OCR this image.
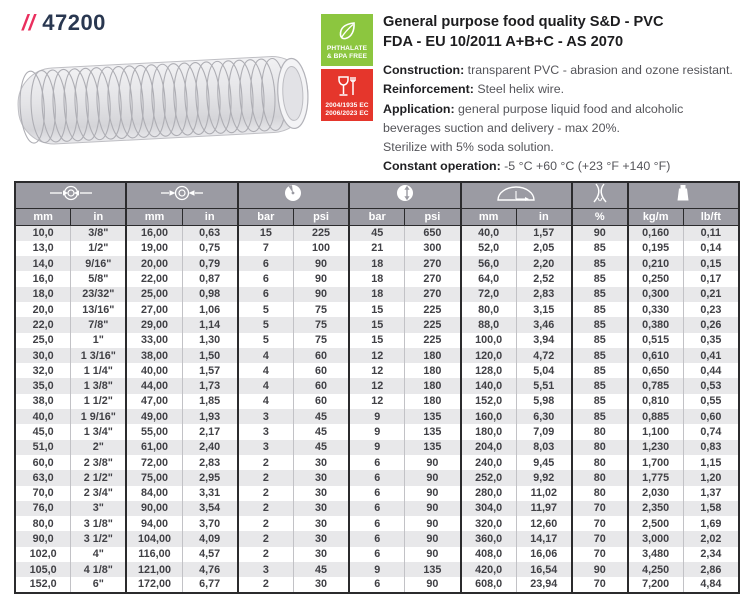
// 47200
PHTHALATE
& BPA FREE
2004/1935 EC
2006/2023 EC
General purpose food quality S&D - PVC
FDA - EU 10/2011 A+B+C - AS 2070
Construction: transparent PVC - abrasion and ozone resistant.
Reinforcement: Steel helix wire.
Application: general purpose liquid food and alcoholic beverages suction and delivery - max 20%.
Sterilize with 5% soda solution.
Constant operation: -5 °C +60 °C (+23 °F +140 °F)

mm	in	mm	in	bar	psi	bar	psi	mm	in	%	kg/m	lb/ft
10,0	3/8"	16,00	0,63	15	225	45	650	40,0	1,57	90	0,160	0,11
13,0	1/2"	19,00	0,75	7	100	21	300	52,0	2,05	85	0,195	0,14
14,0	9/16"	20,00	0,79	6	90	18	270	56,0	2,20	85	0,210	0,15
16,0	5/8"	22,00	0,87	6	90	18	270	64,0	2,52	85	0,250	0,17
18,0	23/32"	25,00	0,98	6	90	18	270	72,0	2,83	85	0,300	0,21
20,0	13/16"	27,00	1,06	5	75	15	225	80,0	3,15	85	0,330	0,23
22,0	7/8"	29,00	1,14	5	75	15	225	88,0	3,46	85	0,380	0,26
25,0	1"	33,00	1,30	5	75	15	225	100,0	3,94	85	0,515	0,35
30,0	1 3/16"	38,00	1,50	4	60	12	180	120,0	4,72	85	0,610	0,41
32,0	1 1/4"	40,00	1,57	4	60	12	180	128,0	5,04	85	0,650	0,44
35,0	1 3/8"	44,00	1,73	4	60	12	180	140,0	5,51	85	0,785	0,53
38,0	1 1/2"	47,00	1,85	4	60	12	180	152,0	5,98	85	0,810	0,55
40,0	1 9/16"	49,00	1,93	3	45	9	135	160,0	6,30	85	0,885	0,60
45,0	1 3/4"	55,00	2,17	3	45	9	135	180,0	7,09	80	1,100	0,74
51,0	2"	61,00	2,40	3	45	9	135	204,0	8,03	80	1,230	0,83
60,0	2 3/8"	72,00	2,83	2	30	6	90	240,0	9,45	80	1,700	1,15
63,0	2 1/2"	75,00	2,95	2	30	6	90	252,0	9,92	80	1,775	1,20
70,0	2 3/4"	84,00	3,31	2	30	6	90	280,0	11,02	80	2,030	1,37
76,0	3"	90,00	3,54	2	30	6	90	304,0	11,97	70	2,350	1,58
80,0	3 1/8"	94,00	3,70	2	30	6	90	320,0	12,60	70	2,500	1,69
90,0	3 1/2"	104,00	4,09	2	30	6	90	360,0	14,17	70	3,000	2,02
102,0	4"	116,00	4,57	2	30	6	90	408,0	16,06	70	3,480	2,34
105,0	4 1/8"	121,00	4,76	3	45	9	135	420,0	16,54	90	4,250	2,86
152,0	6"	172,00	6,77	2	30	6	90	608,0	23,94	70	7,200	4,84
